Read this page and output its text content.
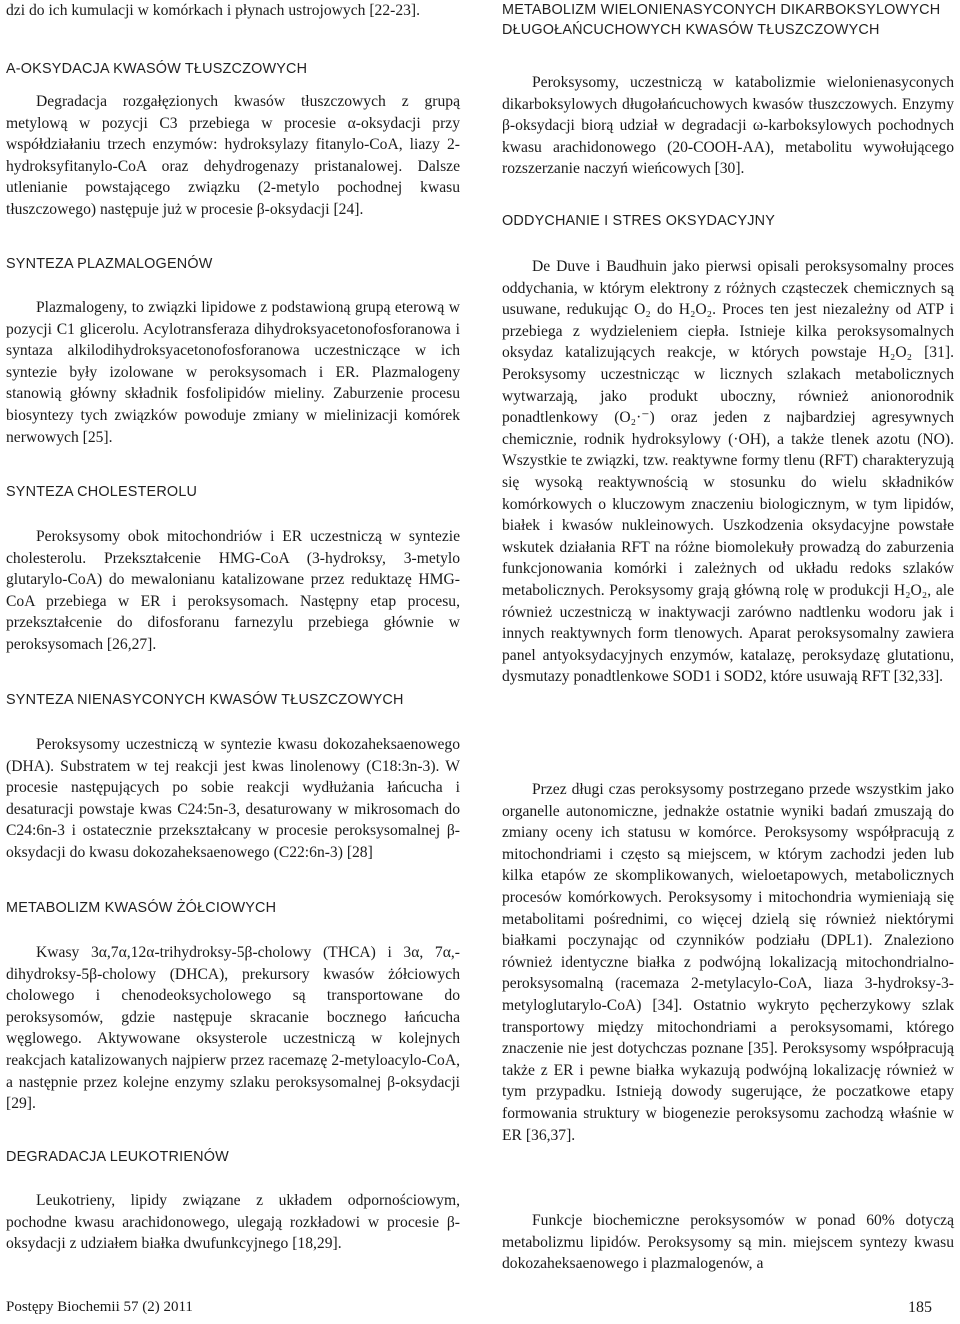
dzi do ich kumulacji w komórkach i płynach ustrojowych [22-23].

Α-OKSYDACJA KWASÓW TŁUSZCZOWYCH

Degradacja rozgałęzionych kwasów tłuszczowych z grupą metylową w pozycji C3 przebiega w procesie α-oksydacji przy współdziałaniu trzech enzymów: hydroksylazy fitanylo-CoA, liazy 2-hydroksyfitanylo-CoA oraz dehydrogenazy pristanalowej. Dalsze utlenianie powstającego związku (2-metylo pochodnej kwasu tłuszczowego) następuje już w procesie β-oksydacji [24].

SYNTEZA PLAZMALOGENÓW

Plazmalogeny, to związki lipidowe z podstawioną grupą eterową w pozycji C1 glicerolu. Acylotransferaza dihydroksyacetonofosforanowa i syntaza alkilodihydroksyacetonofosforanowa uczestniczące w ich syntezie były izolowane w peroksysomach i ER. Plazmalogeny stanowią główny składnik fosfolipidów mieliny. Zaburzenie procesu biosyntezy tych związków powoduje zmiany w mielinizacji komórek nerwowych [25].

SYNTEZA CHOLESTEROLU

Peroksysomy obok mitochondriów i ER uczestniczą w syntezie cholesterolu. Przekształcenie HMG-CoA (3-hydroksy, 3-metylo glutarylo-CoA) do mewalonianu katalizowane przez reduktazę HMG-CoA przebiega w ER i peroksysomach. Następny etap procesu, przekształcenie do difosforanu farnezylu przebiega głównie w peroksysomach [26,27].

SYNTEZA NIENASYCONYCH KWASÓW TŁUSZCZOWYCH

Peroksysomy uczestniczą w syntezie kwasu dokozaheksaenowego (DHA). Substratem w tej reakcji jest kwas linolenowy (C18:3n-3). W procesie następujących po sobie reakcji wydłużania łańcucha i desaturacji powstaje kwas C24:5n-3, desaturowany w mikrosomach do C24:6n-3 i ostatecznie przekształcany w procesie peroksysomalnej β-oksydacji do kwasu dokozaheksaenowego (C22:6n-3) [28]

METABOLIZM KWASÓW ŻÓŁCIOWYCH

Kwasy 3α,7α,12α-trihydroksy-5β-cholowy (THCA) i 3α, 7α,-dihydroksy-5β-cholowy (DHCA), prekursory kwasów żółciowych cholowego i chenodeoksycholowego są transportowane do peroksysomów, gdzie następuje skracanie bocznego łańcucha węglowego. Aktywowane oksysterole uczestniczą w kolejnych reakcjach katalizowanych najpierw przez racemazę 2-metyloacylo-CoA, a następnie przez kolejne enzymy szlaku peroksysomalnej β-oksydacji [29].

DEGRADACJA LEUKOTRIENÓW

Leukotrieny, lipidy związane z układem odpornościowym, pochodne kwasu arachidonowego, ulegają rozkładowi w procesie β-oksydacji z udziałem białka dwufunkcyjnego [18,29].

METABOLIZM WIELONIENASYCONYCH DIKARBOKSYLOWYCH DŁUGOŁAŃCUCHOWYCH KWASÓW TŁUSZCZOWYCH

Peroksysomy, uczestniczą w katabolizmie wielonienasyconych dikarboksylowych długołańcuchowych kwasów tłuszczowych. Enzymy β-oksydacji biorą udział w degradacji ω-karboksylowych pochodnych kwasu arachidonowego (20-COOH-AA), metabolitu wywołującego rozszerzanie naczyń wieńcowych [30].

ODDYCHANIE I STRES OKSYDACYJNY

De Duve i Baudhuin jako pierwsi opisali peroksysomalny proces oddychania, w którym elektrony z różnych cząsteczek chemicznych są usuwane, redukując O₂ do H₂O₂. Proces ten jest niezależny od ATP i przebiega z wydzieleniem ciepła. Istnieje kilka peroksysomalnych oksydaz katalizujących reakcje, w których powstaje H₂O₂ [31]. Peroksysomy uczestnicząc w licznych szlakach metabolicznych wytwarzają, jako produkt uboczny, również anionorodnik ponadtlenkowy (O₂·⁻) oraz jeden z najbardziej agresywnych chemicznie, rodnik hydroksylowy (·OH), a także tlenek azotu (NO). Wszystkie te związki, tzw. reaktywne formy tlenu (RFT) charakteryzują się wysoką reaktywnością w stosunku do wielu składników komórkowych o kluczowym znaczeniu biologicznym, w tym lipidów, białek i kwasów nukleinowych. Uszkodzenia oksydacyjne powstałe wskutek działania RFT na różne biomolekuły prowadzą do zaburzenia funkcjonowania komórki i zależnych od układu redoks szlaków metabolicznych. Peroksysomy grają główną rolę w produkcji H₂O₂, ale również uczestniczą w inaktywacji zarówno nadtlenku wodoru jak i innych reaktywnych form tlenowych. Aparat peroksysomalny zawiera panel antyoksydacyjnych enzymów, katalazę, peroksydazę glutationu, dysmutazy ponadtlenkowe SOD1 i SOD2, które usuwają RFT [32,33].

Przez długi czas peroksysomy postrzegano przede wszystkim jako organelle autonomiczne, jednakże ostatnie wyniki badań zmuszają do zmiany oceny ich statusu w komórce. Peroksysomy współpracują z mitochondriami i często są miejscem, w którym zachodzi jeden lub kilka etapów ze skomplikowanych, wieloetapowych, metabolicznych procesów komórkowych. Peroksysomy i mitochondria wymieniają się metabolitami pośrednimi, co więcej dzielą się również niektórymi białkami poczynając od czynników podziału (DPL1). Znaleziono również identyczne białka z podwójną lokalizacją mitochondrialno-peroksysomalną (racemaza 2-metylacylo-CoA, liaza 3-hydroksy-3-metyloglutarylo-CoA) [34]. Ostatnio wykryto pęcherzykowy szlak transportowy między mitochondriami a peroksysomami, którego znaczenie nie jest dotychczas poznane [35]. Peroksysomy współpracują także z ER i pewne białka wykazują podwójną lokalizację również w tym przypadku. Istnieją dowody sugerujące, że poczatkowe etapy formowania struktury w biogenezie peroksysomu zachodzą właśnie w ER [36,37].

Funkcje biochemiczne peroksysomów w ponad 60% dotyczą metabolizmu lipidów. Peroksysomy są min. miejscem syntezy kwasu dokozaheksaenowego i plazmalogenów, a

Postępy Biochemii 57 (2) 2011	185
